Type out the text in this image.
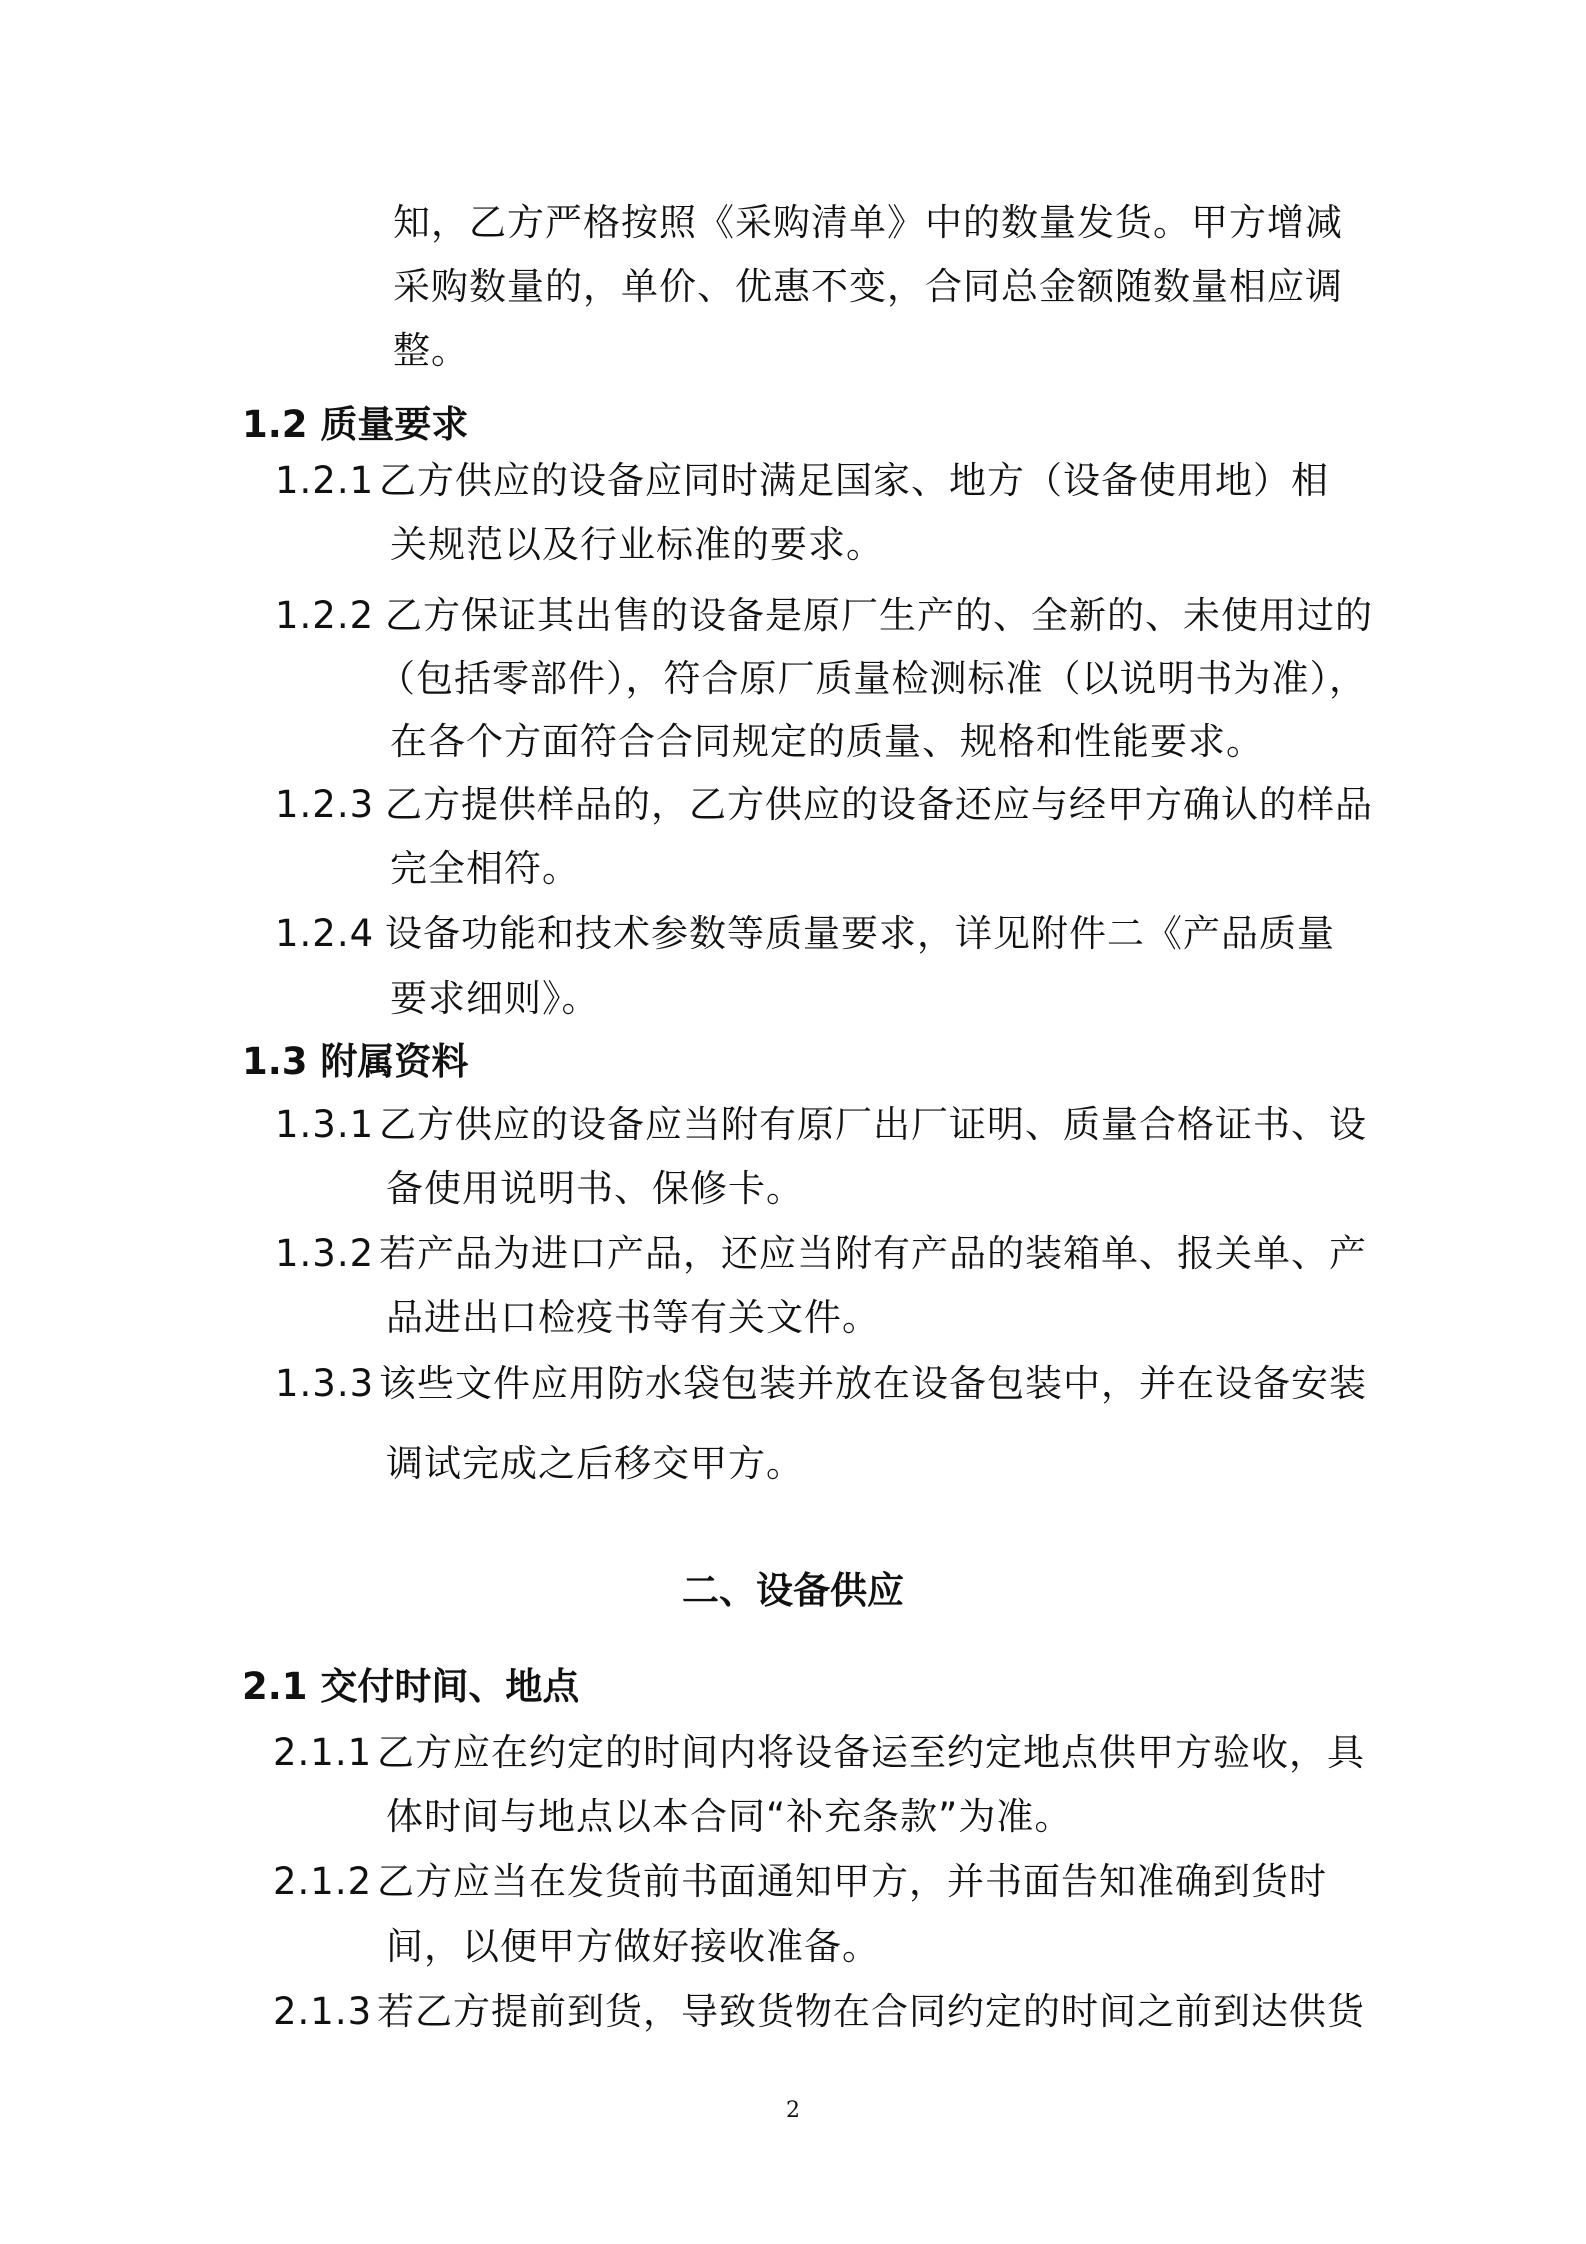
知，乙方严格按照《采购清单》中的数量发货。甲方增减
采购数量的，单价、优惠不变，合同总金额随数量相应调
整。
1.2 质量要求
1.2.1 乙方供应的设备应同时满足国家、地方（设备使用地）相
关规范以及行业标准的要求。
1.2.2 乙方保证其出售的设备是原厂生产的、全新的、未使用过的
（包括零部件），符合原厂质量检测标准（以说明书为准），
在各个方面符合合同规定的质量、规格和性能要求。
1.2.3 乙方提供样品的，乙方供应的设备还应与经甲方确认的样品
完全相符。
1.2.4 设备功能和技术参数等质量要求，详见附件二《产品质量
要求细则》。
1.3 附属资料
1.3.1 乙方供应的设备应当附有原厂出厂证明、质量合格证书、设
备使用说明书、保修卡。
1.3.2 若产品为进口产品，还应当附有产品的装箱单、报关单、产
品进出口检疫书等有关文件。
1.3.3 该些文件应用防水袋包装并放在设备包装中，并在设备安装
调试完成之后移交甲方。
二、设备供应
2.1 交付时间、地点
2.1.1 乙方应在约定的时间内将设备运至约定地点供甲方验收，具
体时间与地点以本合同“补充条款”为准。
2.1.2 乙方应当在发货前书面通知甲方，并书面告知准确到货时
间，以便甲方做好接收准备。
2.1.3 若乙方提前到货，导致货物在合同约定的时间之前到达供货
2
